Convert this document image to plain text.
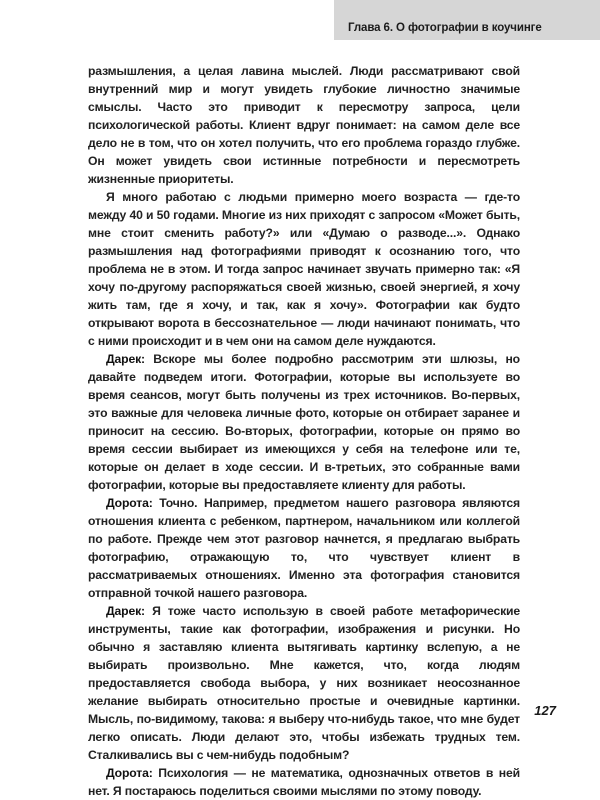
Глава 6. О фотографии в коучинге

размышления, а целая лавина мыслей. Люди рассматривают свой внутренний мир и могут увидеть глубокие личностно значимые смыслы. Часто это приводит к пересмотру запроса, цели психологической работы. Клиент вдруг понимает: на самом деле все дело не в том, что он хотел получить, что его проблема гораздо глубже. Он может увидеть свои истинные потребности и пересмотреть жизненные приоритеты.

Я много работаю с людьми примерно моего возраста — где-то между 40 и 50 годами. Многие из них приходят с запросом «Может быть, мне стоит сменить работу?» или «Думаю о разводе...». Однако размышления над фотографиями приводят к осознанию того, что проблема не в этом. И тогда запрос начинает звучать примерно так: «Я хочу по-другому распоряжаться своей жизнью, своей энергией, я хочу жить там, где я хочу, и так, как я хочу». Фотографии как будто открывают ворота в бессознательное — люди начинают понимать, что с ними происходит и в чем они на самом деле нуждаются.

Дарек: Вскоре мы более подробно рассмотрим эти шлюзы, но давайте подведем итоги. Фотографии, которые вы используете во время сеансов, могут быть получены из трех источников. Во-первых, это важные для человека личные фото, которые он отбирает заранее и приносит на сессию. Во-вторых, фотографии, которые он прямо во время сессии выбирает из имеющихся у себя на телефоне или те, которые он делает в ходе сессии. И в-третьих, это собранные вами фотографии, которые вы предоставляете клиенту для работы.

Дорота: Точно. Например, предметом нашего разговора являются отношения клиента с ребенком, партнером, начальником или коллегой по работе. Прежде чем этот разговор начнется, я предлагаю выбрать фотографию, отражающую то, что чувствует клиент в рассматриваемых отношениях. Именно эта фотография становится отправной точкой нашего разговора.

Дарек: Я тоже часто использую в своей работе метафорические инструменты, такие как фотографии, изображения и рисунки. Но обычно я заставляю клиента вытягивать картинку вслепую, а не выбирать произвольно. Мне кажется, что, когда людям предоставляется свобода выбора, у них возникает неосознанное желание выбирать относительно простые и очевидные картинки. Мысль, по-видимому, такова: я выберу что-нибудь такое, что мне будет легко описать. Люди делают это, чтобы избежать трудных тем. Сталкивались вы с чем-нибудь подобным?

Дорота: Психология — не математика, однозначных ответов в ней нет. Я постараюсь поделиться своими мыслями по этому поводу.

127
